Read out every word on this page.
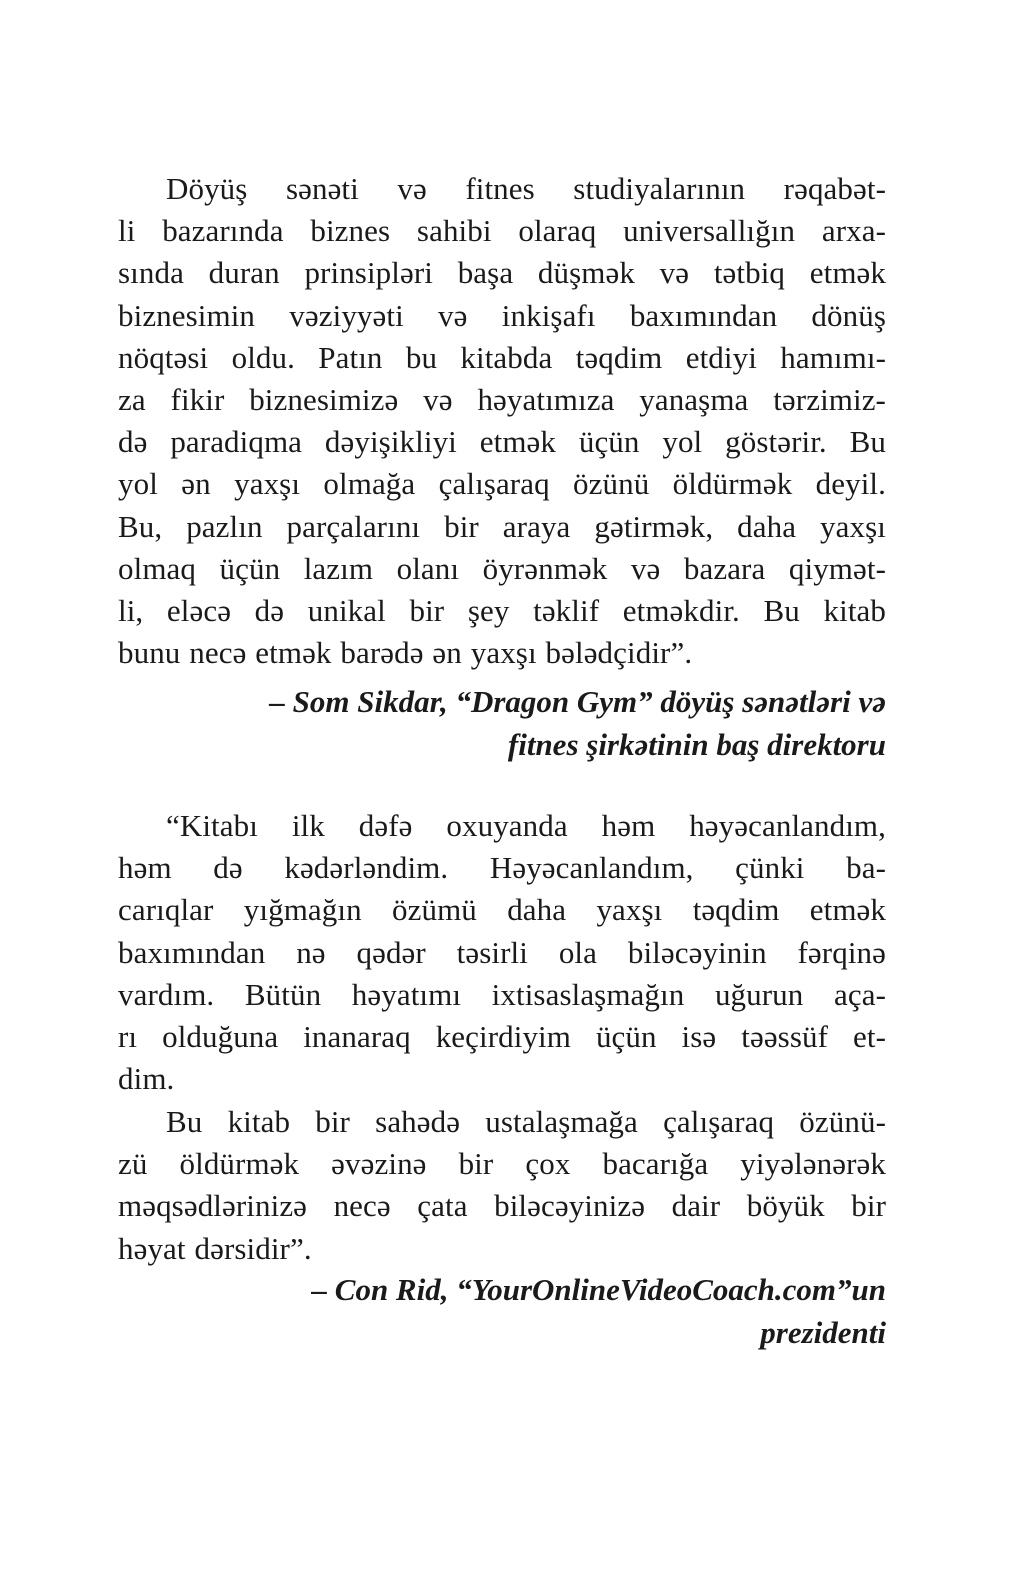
Döyüş sənəti və fitnes studiyalarının rəqabət-
li bazarında biznes sahibi olaraq universallığın arxa-
sında duran prinsipləri başa düşmək və tətbiq etmək
biznesimin vəziyyəti və inkişafı baxımından dönüş
nöqtəsi oldu. Patın bu kitabda təqdim etdiyi hamımı-
za fikir biznesimizə və həyatımıza yanaşma tərzimiz-
də paradiqma dəyişikliyi etmək üçün yol göstərir. Bu
yol ən yaxşı olmağa çalışaraq özünü öldürmək deyil.
Bu, pazlın parçalarını bir araya gətirmək, daha yaxşı
olmaq üçün lazım olanı öyrənmək və bazara qiymət-
li, eləcə də unikal bir şey təklif etməkdir. Bu kitab
bunu necə etmək barədə ən yaxşı bələdçidir”.
– Som Sikdar, “Dragon Gym” döyüş sənətləri və
fitnes şirkətinin baş direktoru
“Kitabı ilk dəfə oxuyanda həm həyəcanlandım,
həm də kədərləndim. Həyəcanlandım, çünki ba-
carıqlar yığmağın özümü daha yaxşı təqdim etmək
baxımından nə qədər təsirli ola biləcəyinin fərqinə
vardım. Bütün həyatımı ixtisaslaşmağın uğurun aça-
rı olduğuna inanaraq keçirdiyim üçün isə təəssüf et-
dim.
Bu kitab bir sahədə ustalaşmağa çalışaraq özünü-
zü öldürmək əvəzinə bir çox bacarığa yiyələnərək
məqsədlərinizə necə çata biləcəyinizə dair böyük bir
həyat dərsidir”.
– Con Rid, “YourOnlineVideoCoach.com”un
prezidenti
